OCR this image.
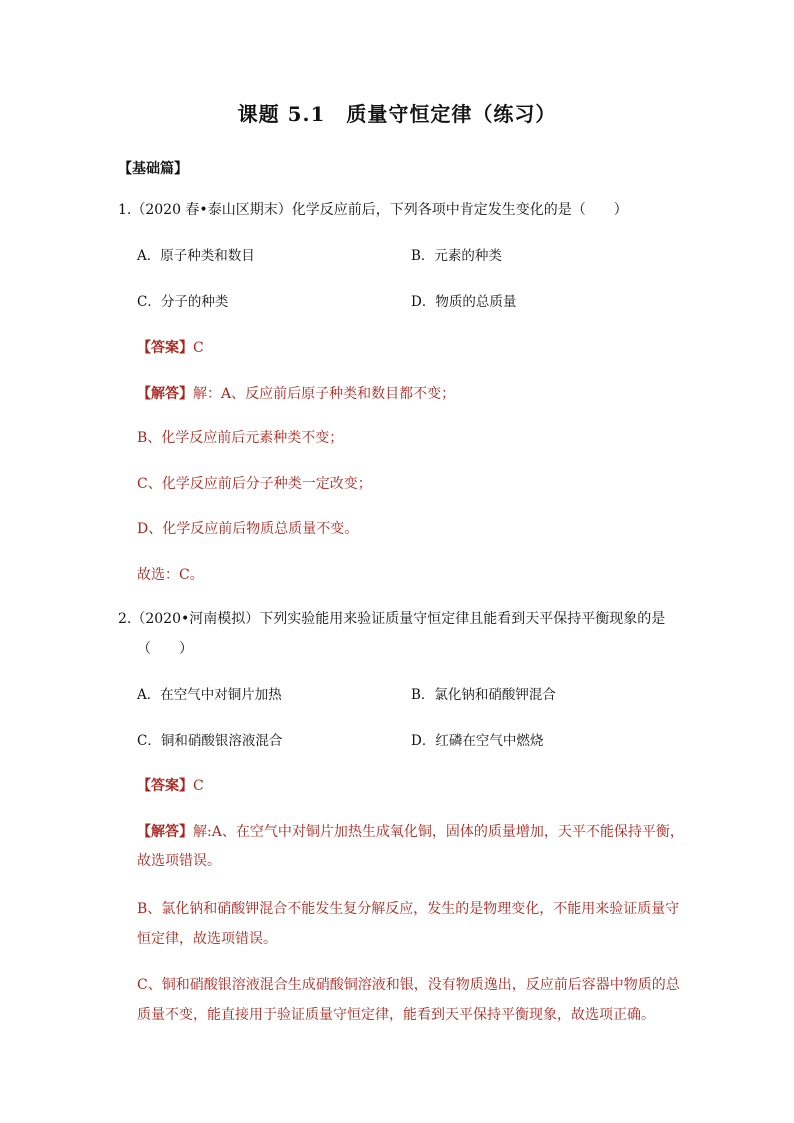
课题 5.1　质量守恒定律（练习）
【基础篇】
1.（2020 春•泰山区期末）化学反应前后，下列各项中肯定发生变化的是（　　）
A．原子种类和数目	B．元素的种类
C．分子的种类	D．物质的总质量
【答案】C
【解答】解：A、反应前后原子种类和数目都不变；
B、化学反应前后元素种类不变；
C、化学反应前后分子种类一定改变；
D、化学反应前后物质总质量不变。
故选：C。
2.（2020•河南模拟）下列实验能用来验证质量守恒定律且能看到天平保持平衡现象的是
（　　）
A．在空气中对铜片加热	B．氯化钠和硝酸钾混合
C．铜和硝酸银溶液混合	D．红磷在空气中燃烧
【答案】C
【解答】解:A、在空气中对铜片加热生成氧化铜，固体的质量增加，天平不能保持平衡，
故选项错误。
B、氯化钠和硝酸钾混合不能发生复分解反应，发生的是物理变化，不能用来验证质量守
恒定律，故选项错误。
C、铜和硝酸银溶液混合生成硝酸铜溶液和银，没有物质逸出，反应前后容器中物质的总
质量不变，能直接用于验证质量守恒定律，能看到天平保持平衡现象，故选项正确。
